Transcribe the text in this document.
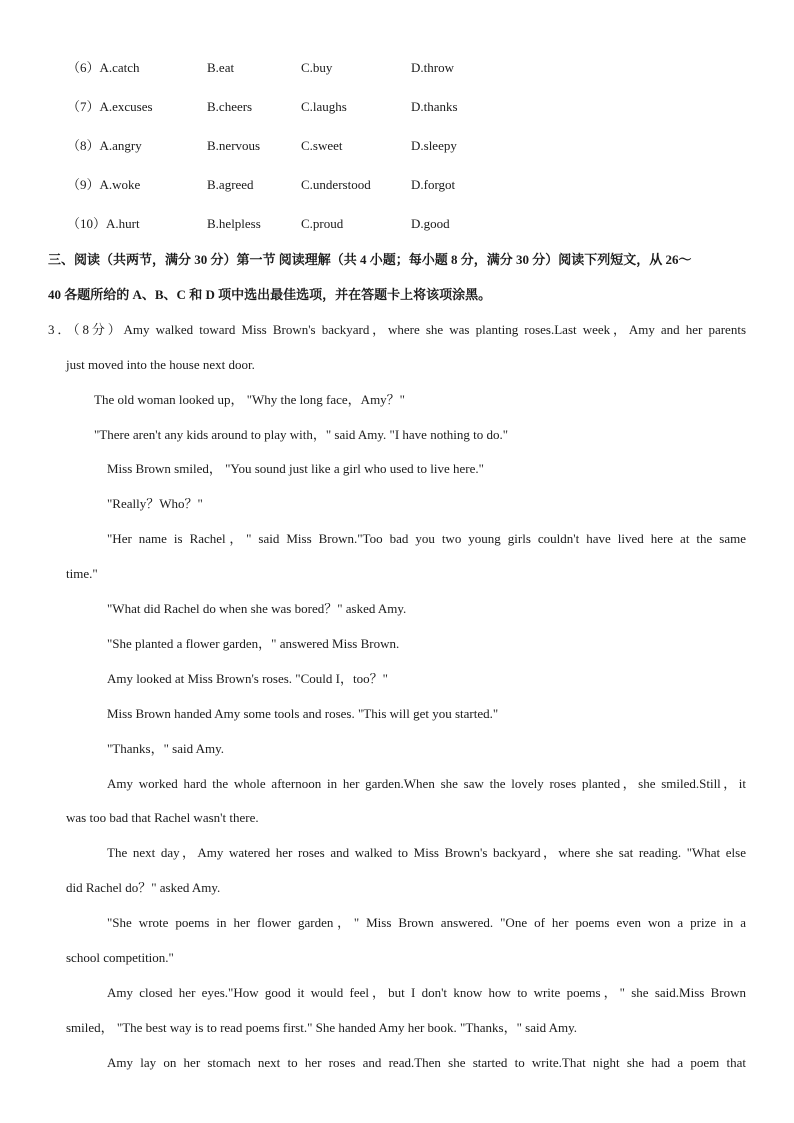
（6）A.catch	B.eat	C.buy	D.throw
（7）A.excuses	B.cheers	C.laughs	D.thanks
（8）A.angry	B.nervous	C.sweet	D.sleepy
（9）A.woke	B.agreed	C.understood	D.forgot
（10）A.hurt	B.helpless	C.proud	D.good
三、阅读（共两节，满分 30 分）第一节 阅读理解（共 4 小题；每小题 8 分，满分 30 分）阅读下列短文，从 26～
40 各题所给的 A、B、C 和 D 项中选出最佳选项，并在答题卡上将该项涂黑。
3．（8分）Amy walked toward Miss Brown's backyard，where she was planting roses.Last week，Amy and her parents
just moved into the house next door.
The old woman looked up， "Why the long face，Amy？"
"There aren't any kids around to play with，" said Amy. "I have nothing to do."
Miss Brown smiled， "You sound just like a girl who used to live here."
"Really？Who？"
"Her name is Rachel，" said Miss Brown."Too bad you two young girls couldn't have lived here at the same
time."
"What did Rachel do when she was bored？" asked Amy.
"She planted a flower garden，" answered Miss Brown.
Amy looked at Miss Brown's roses. "Could I，too？"
Miss Brown handed Amy some tools and roses. "This will get you started."
"Thanks，" said Amy.
Amy worked hard the whole afternoon in her garden.When she saw the lovely roses planted，she smiled.Still，it
was too bad that Rachel wasn't there.
The next day，Amy watered her roses and walked to Miss Brown's backyard，where she sat reading. "What else
did Rachel do？" asked Amy.
"She wrote poems in her flower garden，" Miss Brown answered. "One of her poems even won a prize in a
school competition."
Amy closed her eyes."How good it would feel，but I don't know how to write poems，" she said.Miss Brown
smiled， "The best way is to read poems first." She handed Amy her book. "Thanks，" said Amy.
Amy lay on her stomach next to her roses and read.Then she started to write.That night she had a poem that
